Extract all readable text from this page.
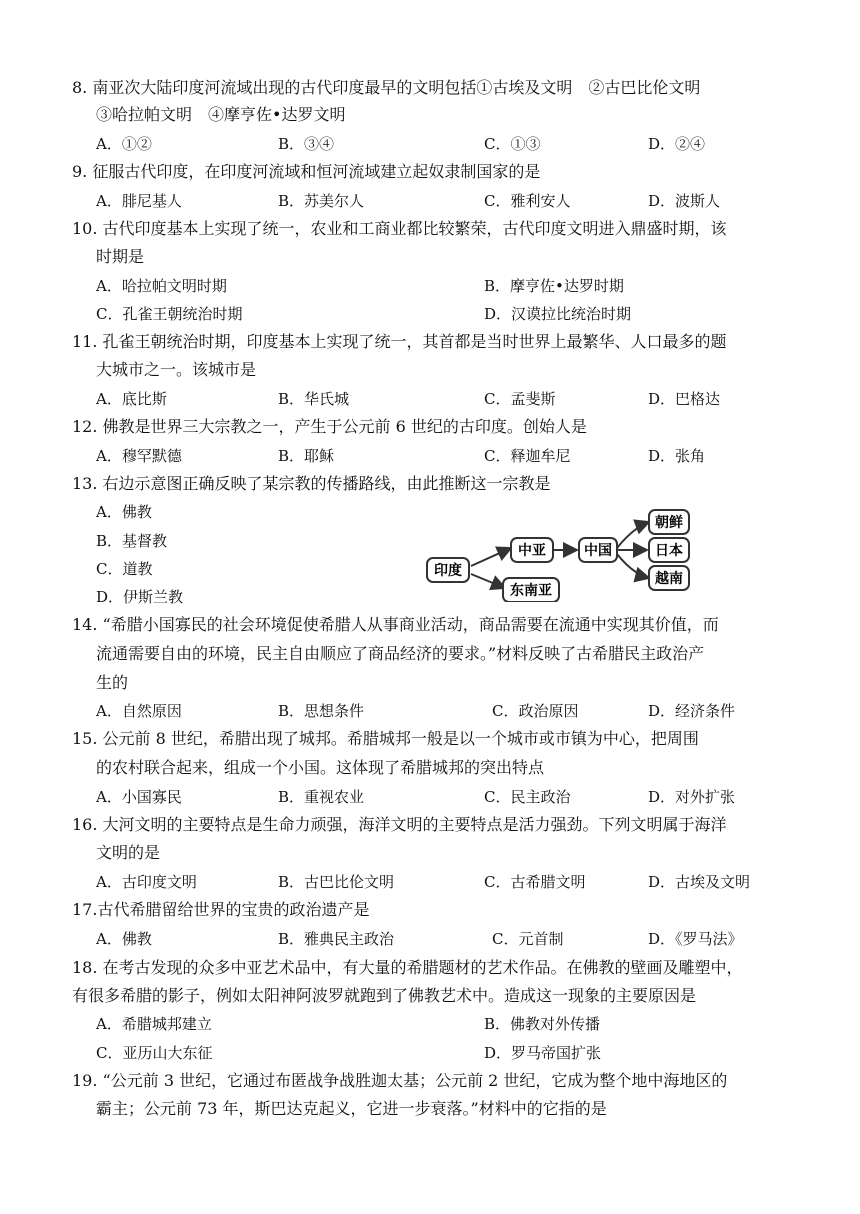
8. 南亚次大陆印度河流域出现的古代印度最早的文明包括①古埃及文明　②古巴比伦文明
③哈拉帕文明　④摩亨佐•达罗文明
A．①②	B．③④	C．①③	D．②④
9. 征服古代印度，在印度河流域和恒河流域建立起奴隶制国家的是
A．腓尼基人	B．苏美尔人	C．雅利安人	D．波斯人
10. 古代印度基本上实现了统一，农业和工商业都比较繁荣，古代印度文明进入鼎盛时期，该
时期是
A．哈拉帕文明时期	B．摩亨佐•达罗时期
C．孔雀王朝统治时期	D．汉谟拉比统治时期
11. 孔雀王朝统治时期，印度基本上实现了统一，其首都是当时世界上最繁华、人口最多的题
大城市之一。该城市是
A．底比斯	B．华氏城	C．孟斐斯	D．巴格达
12. 佛教是世界三大宗教之一，产生于公元前 6 世纪的古印度。创始人是
A．穆罕默德	B．耶稣	C．释迦牟尼	D．张角
13. 右边示意图正确反映了某宗教的传播路线，由此推断这一宗教是
A．佛教
B．基督教
C．道教
D．伊斯兰教
印度
中亚
东南亚
中国
朝鲜
日本
越南
14. “希腊小国寡民的社会环境促使希腊人从事商业活动，商品需要在流通中实现其价值，而
流通需要自由的环境，民主自由顺应了商品经济的要求。”材料反映了古希腊民主政治产
生的
A．自然原因	B．思想条件	C．政治原因	D．经济条件
15. 公元前 8 世纪，希腊出现了城邦。希腊城邦一般是以一个城市或市镇为中心，把周围
的农村联合起来，组成一个小国。这体现了希腊城邦的突出特点
A．小国寡民	B．重视农业	C．民主政治	D．对外扩张
16. 大河文明的主要特点是生命力顽强，海洋文明的主要特点是活力强劲。下列文明属于海洋
文明的是
A．古印度文明	B．古巴比伦文明	C．古希腊文明	D．古埃及文明
17.古代希腊留给世界的宝贵的政治遗产是
A．佛教	B．雅典民主政治	C．元首制	D．《罗马法》
18. 在考古发现的众多中亚艺术品中，有大量的希腊题材的艺术作品。在佛教的壁画及雕塑中，
有很多希腊的影子，例如太阳神阿波罗就跑到了佛教艺术中。造成这一现象的主要原因是
A．希腊城邦建立	B．佛教对外传播
C．亚历山大东征	D．罗马帝国扩张
19. “公元前 3 世纪，它通过布匿战争战胜迦太基；公元前 2 世纪，它成为整个地中海地区的
霸主；公元前 73 年，斯巴达克起义，它进一步衰落。”材料中的它指的是
